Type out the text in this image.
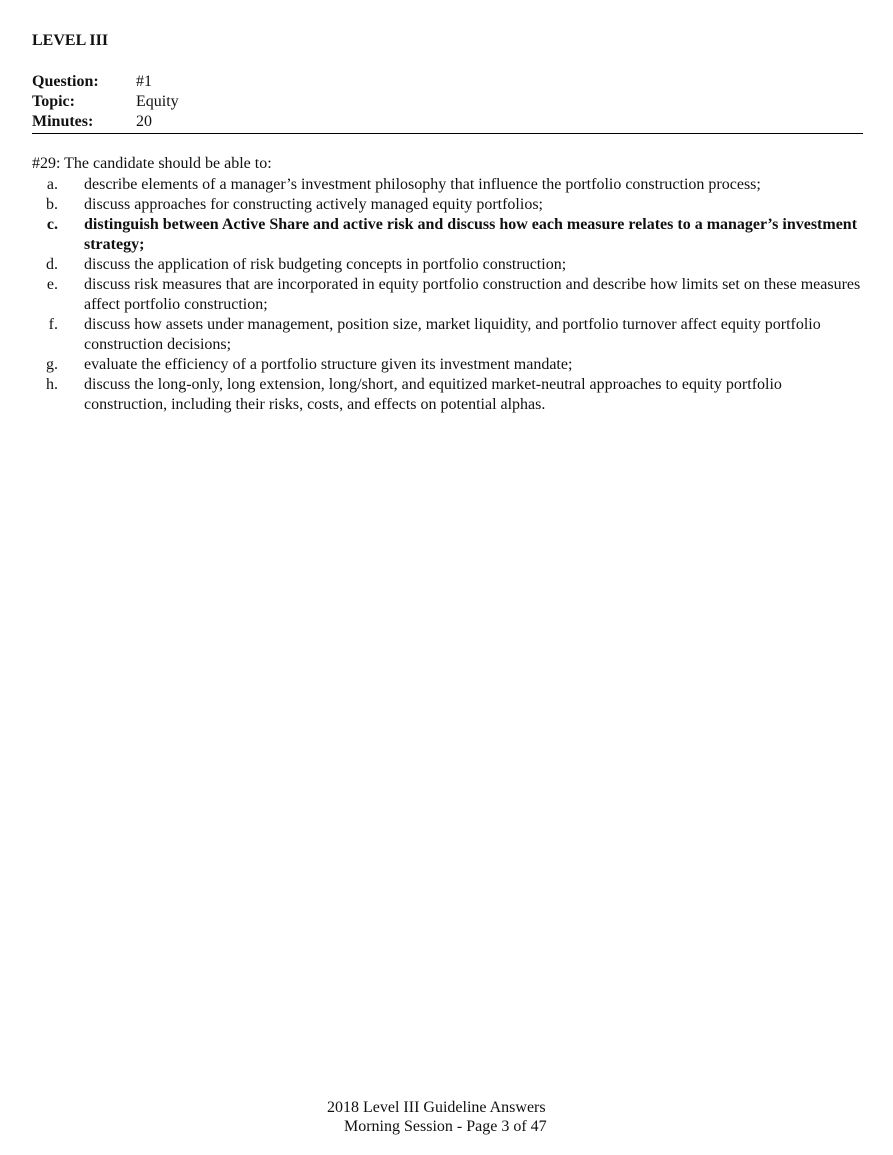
LEVEL III
Question:	#1
Topic:	Equity
Minutes:	20
#29: The candidate should be able to:
a.	describe elements of a manager’s investment philosophy that influence the portfolio construction process;
b.	discuss approaches for constructing actively managed equity portfolios;
c.	distinguish between Active Share and active risk and discuss how each measure relates to a manager’s investment strategy;
d.	discuss the application of risk budgeting concepts in portfolio construction;
e.	discuss risk measures that are incorporated in equity portfolio construction and describe how limits set on these measures affect portfolio construction;
f.	discuss how assets under management, position size, market liquidity, and portfolio turnover affect equity portfolio construction decisions;
g.	evaluate the efficiency of a portfolio structure given its investment mandate;
h.	discuss the long-only, long extension, long/short, and equitized market-neutral approaches to equity portfolio construction, including their risks, costs, and effects on potential alphas.
2018 Level III Guideline Answers
Morning Session - Page 3 of 47
